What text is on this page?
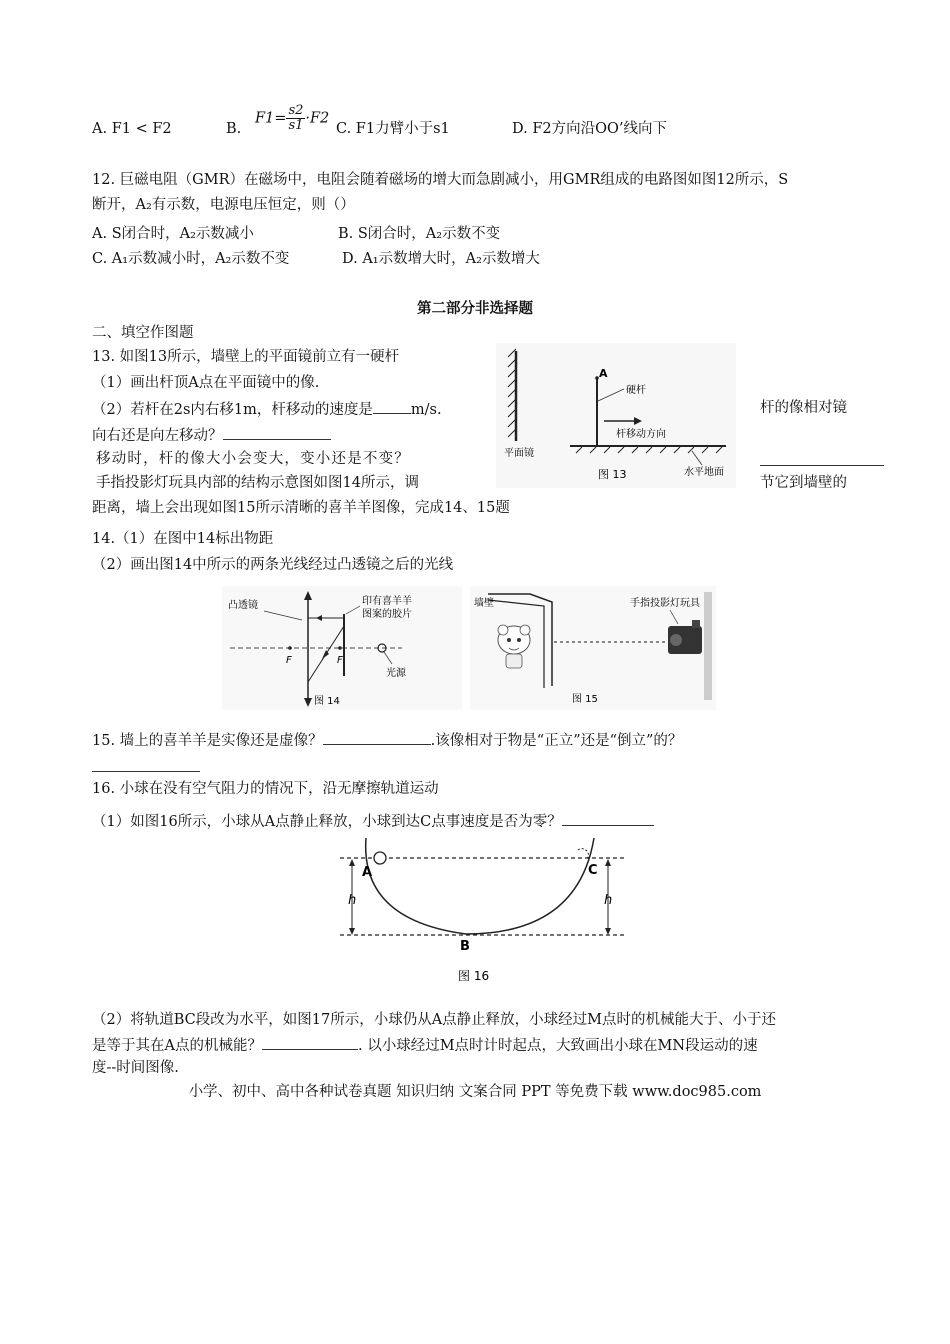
A. F1 < F2	B.
$F1= \frac{s2}{s1} \cdot F2$
C. F1力臂小于s1	D. F2方向沿OO’线向下
12. 巨磁电阻（GMR）在磁场中，电阻会随着磁场的增大而急剧减小，用GMR组成的电路图如图12所示，S
断开，A₂有示数，电源电压恒定，则（）
A. S闭合时，A₂示数减小	B. S闭合时，A₂示数不变
C. A₁示数减小时，A₂示数不变	D. A₁示数增大时，A₂示数增大
第二部分非选择题
二、填空作图题
13. 如图13所示，墙壁上的平面镜前立有一硬杆
（1）画出杆顶A点在平面镜中的像.
（2）若杆在2s内右移1m，杆移动的速度是	m/s.	杆的像相对镜
向右还是向左移动？
移动时，杆的像大小会变大，变小还是不变？
手指投影灯玩具内部的结构示意图如图14所示，调	节它到墙壁的
距离，墙上会出现如图15所示清晰的喜羊羊图像，完成14、15题
A
硬杆
杆移动方向
平面镜
水平地面
图 13
14.（1）在图中14标出物距
（2）画出图14中所示的两条光线经过凸透镜之后的光线
凸透镜	印有喜羊羊
图案的胶片
光源
F	F
图 14
墙壁	手指投影灯玩具
图 15
15. 墙上的喜羊羊是实像还是虚像？	.该像相对于物是“正立”还是“倒立”的？
16. 小球在没有空气阻力的情况下，沿无摩擦轨道运动
（1）如图16所示，小球从A点静止释放，小球到达C点事速度是否为零？
A	C
h	h
B
图 16
（2）将轨道BC段改为水平，如图17所示，小球仍从A点静止释放，小球经过M点时的机械能大于、小于还
是等于其在A点的机械能？	. 以小球经过M点时计时起点，大致画出小球在MN段运动的速
度--时间图像.
小学、初中、高中各种试卷真题 知识归纳 文案合同 PPT 等免费下载 www.doc985.com
